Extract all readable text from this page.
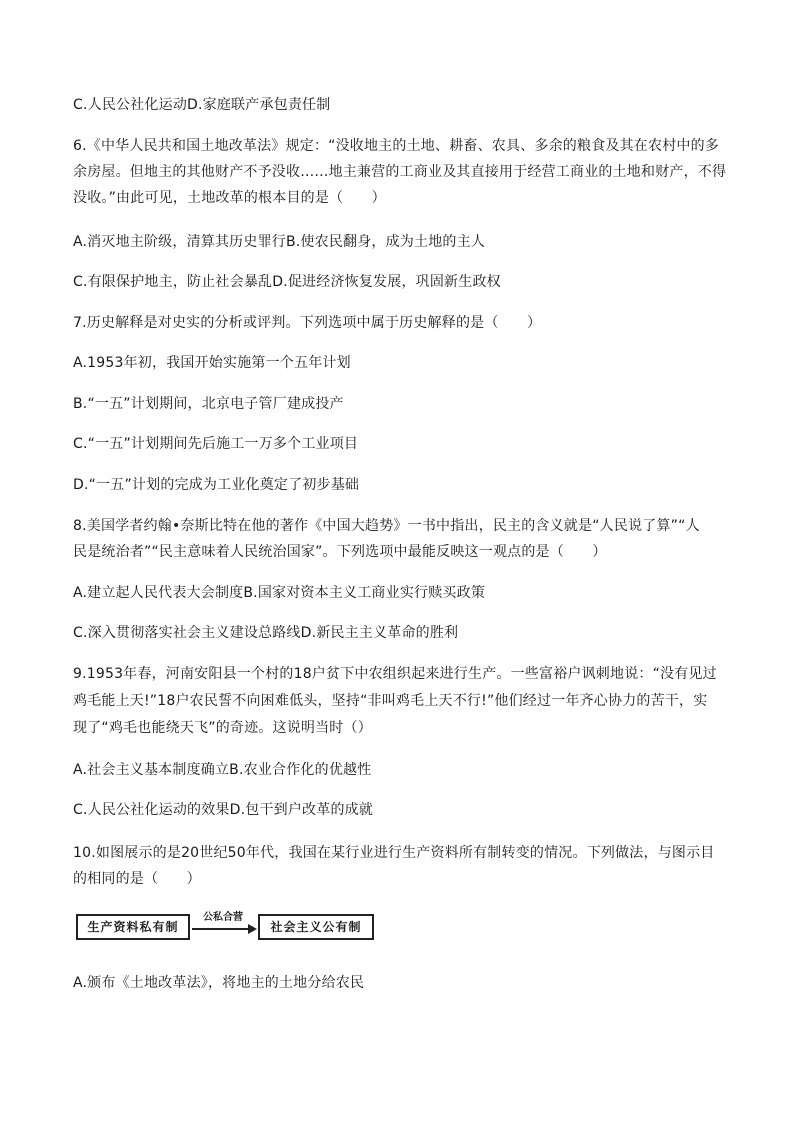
C.人民公社化运动D.家庭联产承包责任制
6.《中华人民共和国土地改革法》规定：“没收地主的土地、耕畜、农具、多余的粮食及其在农村中的多
余房屋。但地主的其他财产不予没收……地主兼营的工商业及其直接用于经营工商业的土地和财产，不得
没收。”由此可见，土地改革的根本目的是（　　）
A.消灭地主阶级，清算其历史罪行B.使农民翻身，成为土地的主人
C.有限保护地主，防止社会暴乱D.促进经济恢复发展，巩固新生政权
7.历史解释是对史实的分析或评判。下列选项中属于历史解释的是（　　）
A.1953年初，我国开始实施第一个五年计划
B.“一五”计划期间，北京电子管厂建成投产
C.“一五”计划期间先后施工一万多个工业项目
D.“一五”计划的完成为工业化奠定了初步基础
8.美国学者约翰•奈斯比特在他的著作《中国大趋势》一书中指出，民主的含义就是“人民说了算”“人
民是统治者”“民主意味着人民统治国家”。下列选项中最能反映这一观点的是（　　）
A.建立起人民代表大会制度B.国家对资本主义工商业实行赎买政策
C.深入贯彻落实社会主义建设总路线D.新民主主义革命的胜利
9.1953年春，河南安阳县一个村的18户贫下中农组织起来进行生产。一些富裕户讽刺地说：“没有见过
鸡毛能上天!”18户农民誓不向困难低头，坚持“非叫鸡毛上天不行!”他们经过一年齐心协力的苦干，实
现了“鸡毛也能绕天飞”的奇迹。这说明当时（）
A.社会主义基本制度确立B.农业合作化的优越性
C.人民公社化运动的效果D.包干到户改革的成就
10.如图展示的是20世纪50年代，我国在某行业进行生产资料所有制转变的情况。下列做法，与图示目
的相同的是（　　）
生产资料私有制
公私合营
社会主义公有制
A.颁布《土地改革法》，将地主的土地分给农民
